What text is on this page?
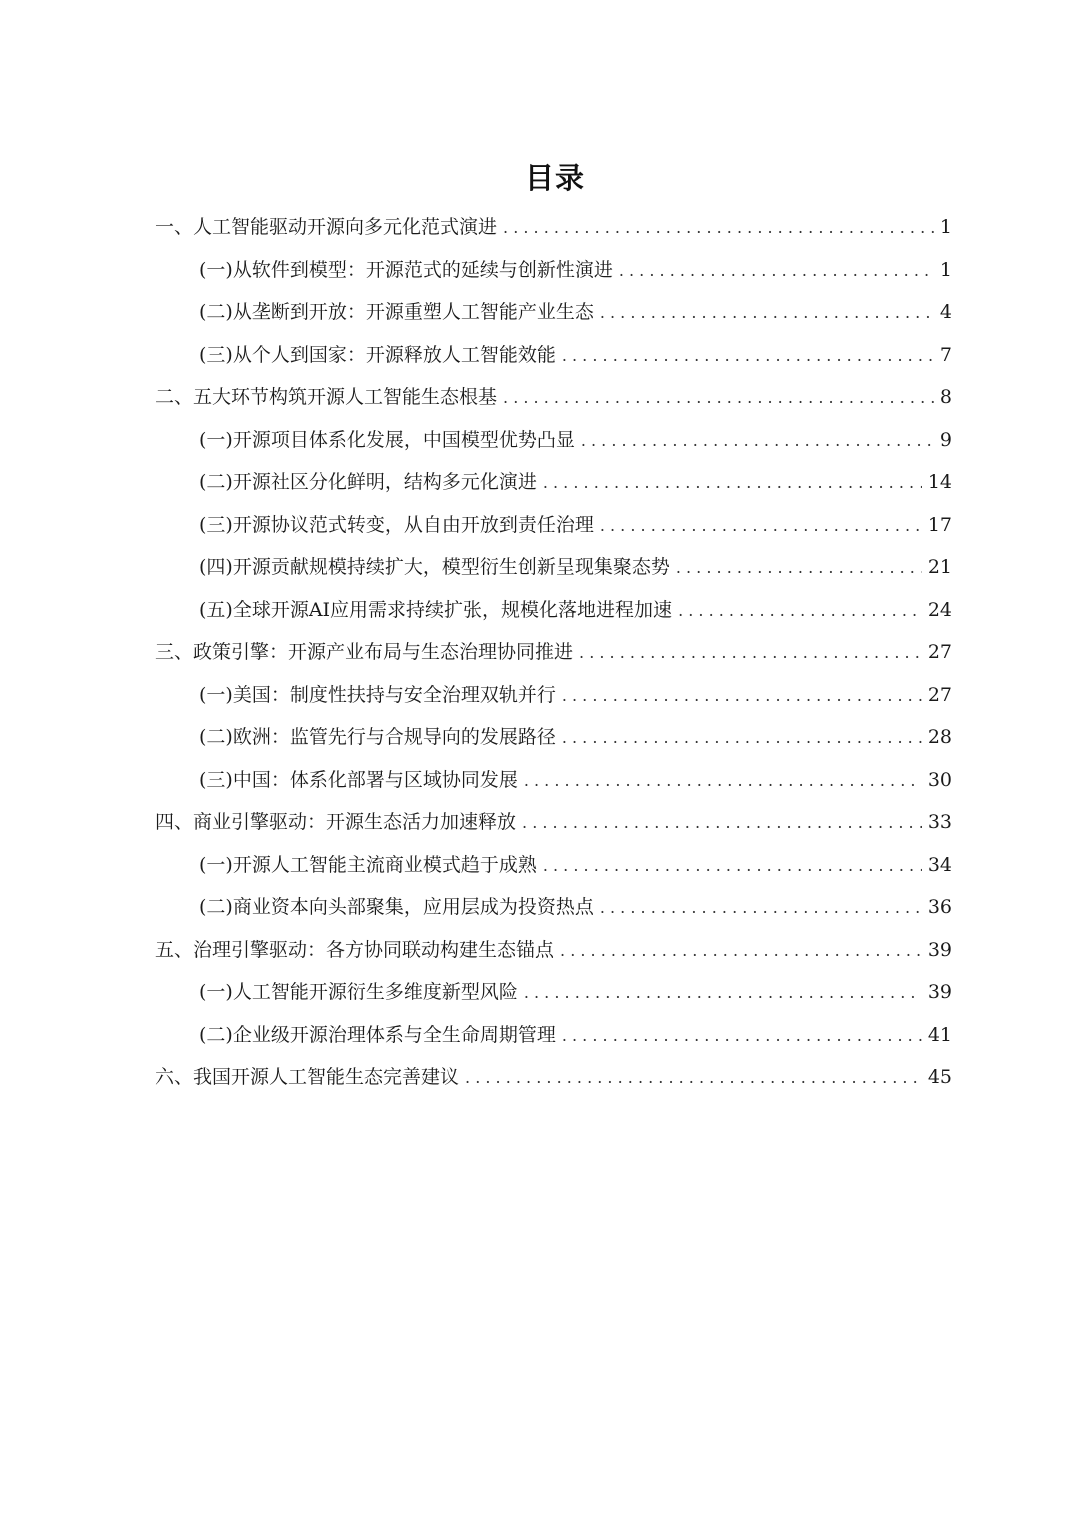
目录
一、人工智能驱动开源向多元化范式演进 . . .	1
(一)从软件到模型：开源范式的延续与创新性演进 . . .	1
(二)从垄断到开放：开源重塑人工智能产业生态 . . .	4
(三)从个人到国家：开源释放人工智能效能 . . .	7
二、五大环节构筑开源人工智能生态根基 . . .	8
(一)开源项目体系化发展，中国模型优势凸显 . . .	9
(二)开源社区分化鲜明，结构多元化演进 . . .	14
(三)开源协议范式转变，从自由开放到责任治理 . . .	17
(四)开源贡献规模持续扩大，模型衍生创新呈现集聚态势 . . .	21
(五)全球开源AI应用需求持续扩张，规模化落地进程加速 . . .	24
三、政策引擎：开源产业布局与生态治理协同推进 . . .	27
(一)美国：制度性扶持与安全治理双轨并行 . . .	27
(二)欧洲：监管先行与合规导向的发展路径 . . .	28
(三)中国：体系化部署与区域协同发展 . . .	30
四、商业引擎驱动：开源生态活力加速释放 . . .	33
(一)开源人工智能主流商业模式趋于成熟 . . .	34
(二)商业资本向头部聚集，应用层成为投资热点 . . .	36
五、治理引擎驱动：各方协同联动构建生态锚点 . . .	39
(一)人工智能开源衍生多维度新型风险 . . .	39
(二)企业级开源治理体系与全生命周期管理 . . .	41
六、我国开源人工智能生态完善建议 . . .	45
